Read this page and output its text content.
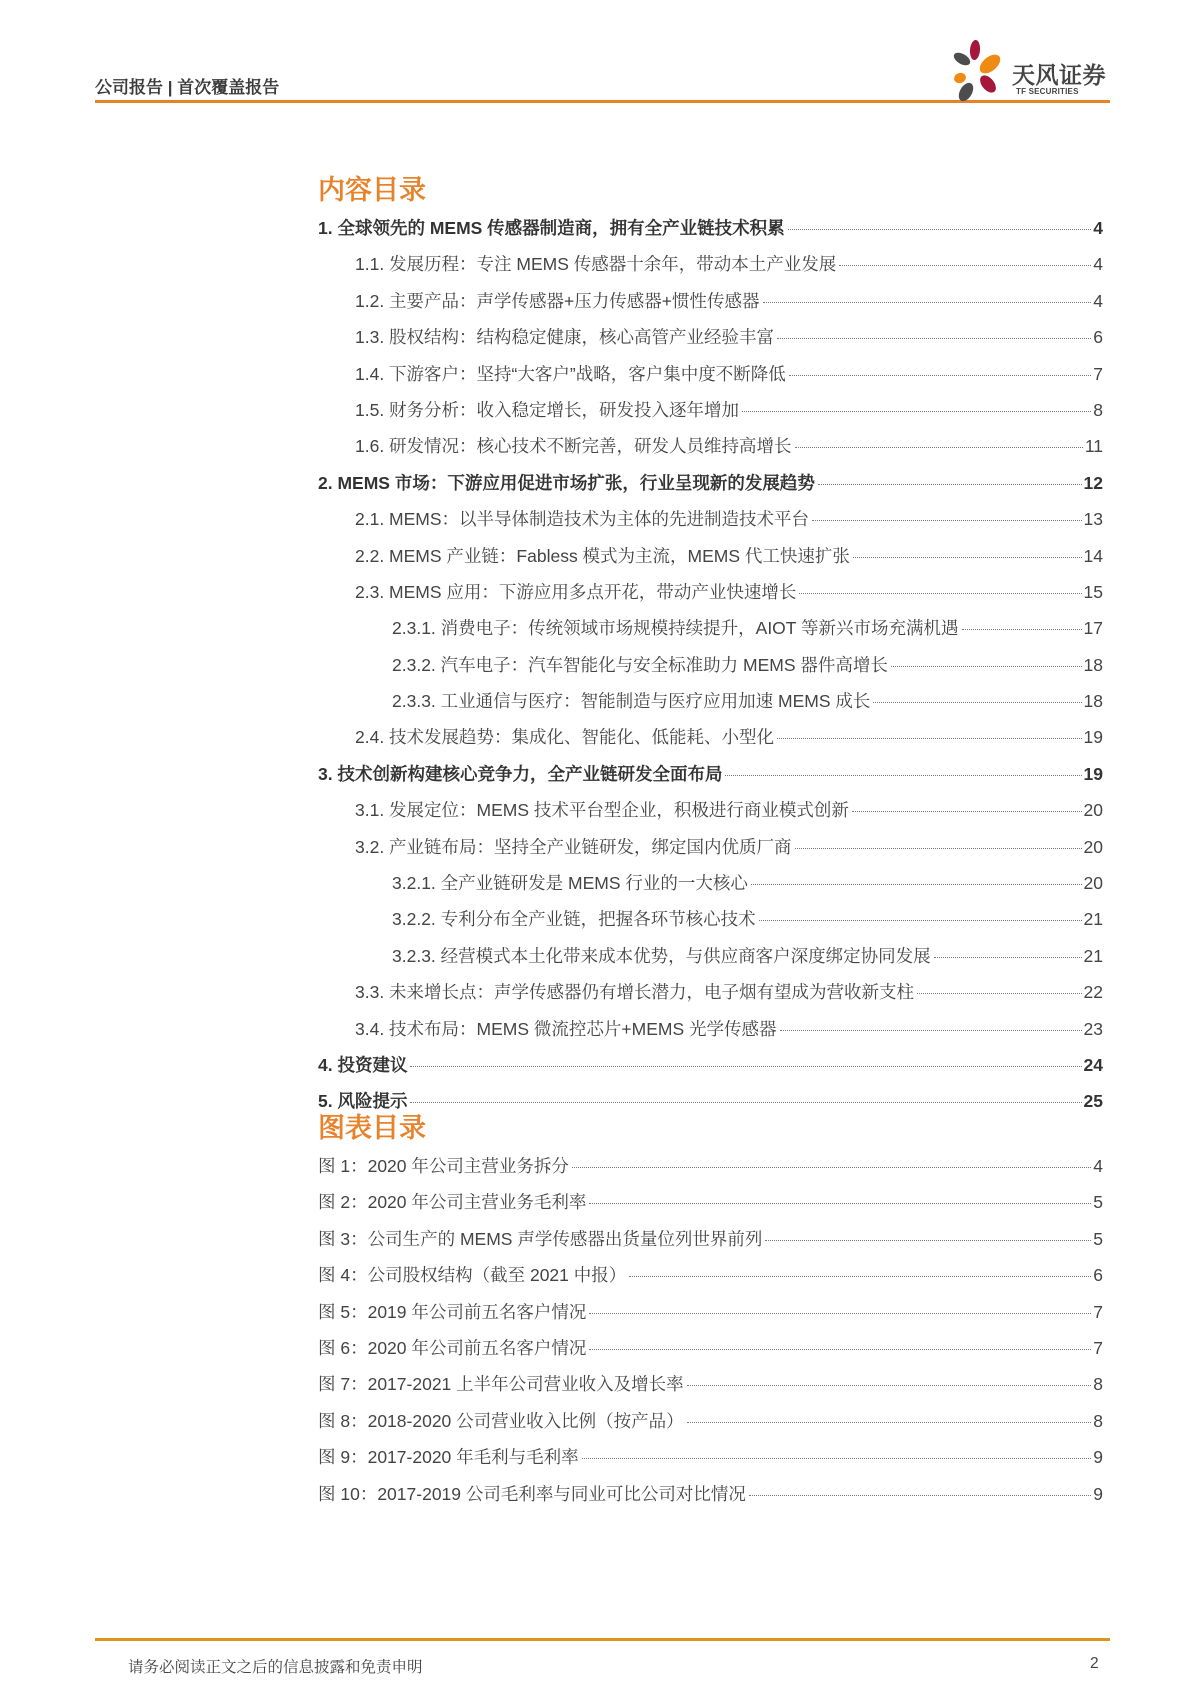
公司报告 | 首次覆盖报告	天风证券
TF SECURITIES
内容目录
1. 全球领先的 MEMS 传感器制造商，拥有全产业链技术积累	4
1.1. 发展历程：专注 MEMS 传感器十余年，带动本土产业发展	4
1.2. 主要产品：声学传感器+压力传感器+惯性传感器	4
1.3. 股权结构：结构稳定健康，核心高管产业经验丰富	6
1.4. 下游客户：坚持“大客户”战略，客户集中度不断降低	7
1.5. 财务分析：收入稳定增长，研发投入逐年增加	8
1.6. 研发情况：核心技术不断完善，研发人员维持高增长	11
2. MEMS 市场：下游应用促进市场扩张，行业呈现新的发展趋势	12
2.1. MEMS：以半导体制造技术为主体的先进制造技术平台	13
2.2. MEMS 产业链：Fabless 模式为主流，MEMS 代工快速扩张	14
2.3. MEMS 应用：下游应用多点开花，带动产业快速增长	15
2.3.1. 消费电子：传统领域市场规模持续提升，AIOT 等新兴市场充满机遇	17
2.3.2. 汽车电子：汽车智能化与安全标准助力 MEMS 器件高增长	18
2.3.3. 工业通信与医疗：智能制造与医疗应用加速 MEMS 成长	18
2.4. 技术发展趋势：集成化、智能化、低能耗、小型化	19
3. 技术创新构建核心竞争力，全产业链研发全面布局	19
3.1. 发展定位：MEMS 技术平台型企业，积极进行商业模式创新	20
3.2. 产业链布局：坚持全产业链研发，绑定国内优质厂商	20
3.2.1. 全产业链研发是 MEMS 行业的一大核心	20
3.2.2. 专利分布全产业链，把握各环节核心技术	21
3.2.3. 经营模式本土化带来成本优势，与供应商客户深度绑定协同发展	21
3.3. 未来增长点：声学传感器仍有增长潜力，电子烟有望成为营收新支柱	22
3.4. 技术布局：MEMS 微流控芯片+MEMS 光学传感器	23
4. 投资建议	24
5. 风险提示	25
图表目录
图 1：2020 年公司主营业务拆分	4
图 2：2020 年公司主营业务毛利率	5
图 3：公司生产的 MEMS 声学传感器出货量位列世界前列	5
图 4：公司股权结构（截至 2021 中报）	6
图 5：2019 年公司前五名客户情况	7
图 6：2020 年公司前五名客户情况	7
图 7：2017-2021 上半年公司营业收入及增长率	8
图 8：2018-2020 公司营业收入比例（按产品）	8
图 9：2017-2020 年毛利与毛利率	9
图 10：2017-2019 公司毛利率与同业可比公司对比情况	9
请务必阅读正文之后的信息披露和免责申明	2
